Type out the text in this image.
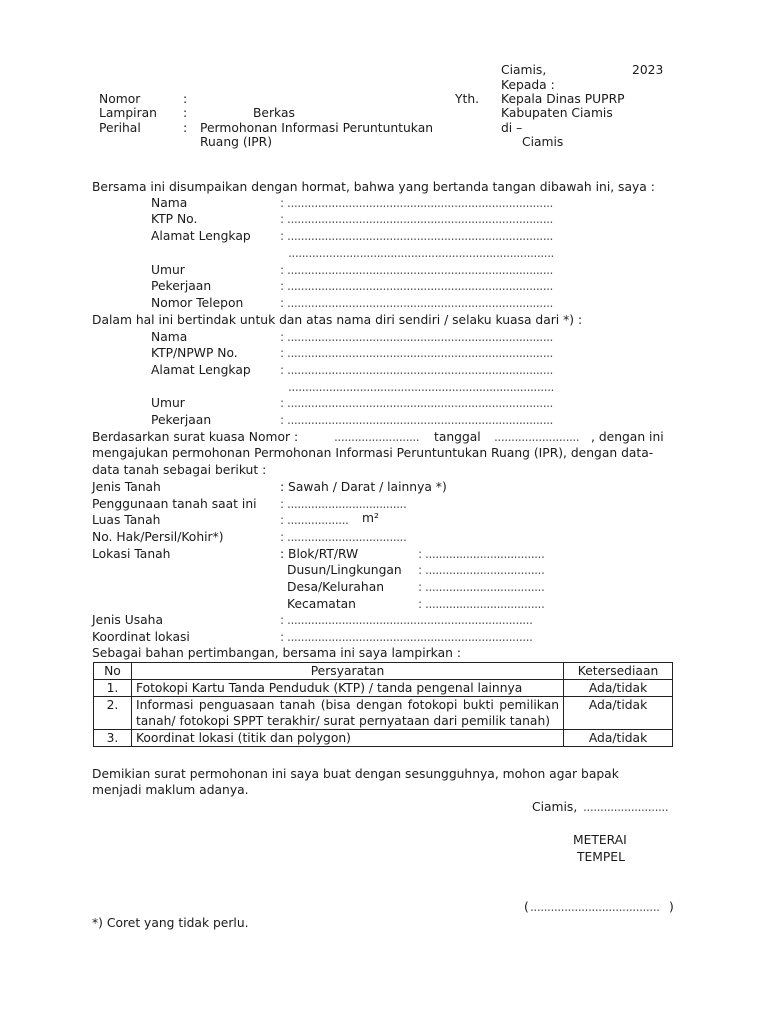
Ciamis,	2023
Kepada :
Yth. Kepala Dinas PUPRP
Kabupaten Ciamis
di –
Ciamis
Nomor	:
Lampiran :	Berkas
Perihal	: Permohonan Informasi Peruntuntukan
Ruang (IPR)
Bersama ini disumpaikan dengan hormat, bahwa yang bertanda tangan dibawah ini, saya :
Nama	: ..............................................................................
KTP No.	: ..............................................................................
Alamat Lengkap : ..............................................................................
..............................................................................
Umur	: ..............................................................................
Pekerjaan	: ..............................................................................
Nomor Telepon	: ..............................................................................
Dalam hal ini bertindak untuk dan atas nama diri sendiri / selaku kuasa dari *) :
Nama	: ..............................................................................
KTP/NPWP No.	: ..............................................................................
Alamat Lengkap : ..............................................................................
..............................................................................
Umur	: ..............................................................................
Pekerjaan	: ..............................................................................
Berdasarkan surat kuasa Nomor :	......................... tanggal ......................... , dengan ini
mengajukan permohonan Permohonan Informasi Peruntuntukan Ruang (IPR), dengan data-
data tanah sebagai berikut :
Jenis Tanah	: Sawah / Darat / lainnya *)
Penggunaan tanah saat ini : ...................................
Luas Tanah	: .................. m²
No. Hak/Persil/Kohir*)	: ...................................
Lokasi Tanah	: Blok/RT/RW	: ...................................
Dusun/Lingkungan : ...................................
Desa/Kelurahan	: ...................................
Kecamatan	: ...................................
Jenis Usaha	: ........................................................................
Koordinat lokasi	: ........................................................................
Sebagai bahan pertimbangan, bersama ini saya lampirkan :
No	Persyaratan	Ketersediaan
1.	Fotokopi Kartu Tanda Penduduk (KTP) / tanda pengenal lainnya	Ada/tidak
2.	Informasi penguasaan tanah (bisa dengan fotokopi bukti pemilikan tanah/ fotokopi SPPT terakhir/ surat pernyataan dari pemilik tanah)	Ada/tidak
3.	Koordinat lokasi (titik dan polygon)	Ada/tidak
Demikian surat permohonan ini saya buat dengan sesungguhnya, mohon agar bapak
menjadi maklum adanya.
Ciamis, .........................
METERAI
TEMPEL
( ...................................... )
*) Coret yang tidak perlu.
